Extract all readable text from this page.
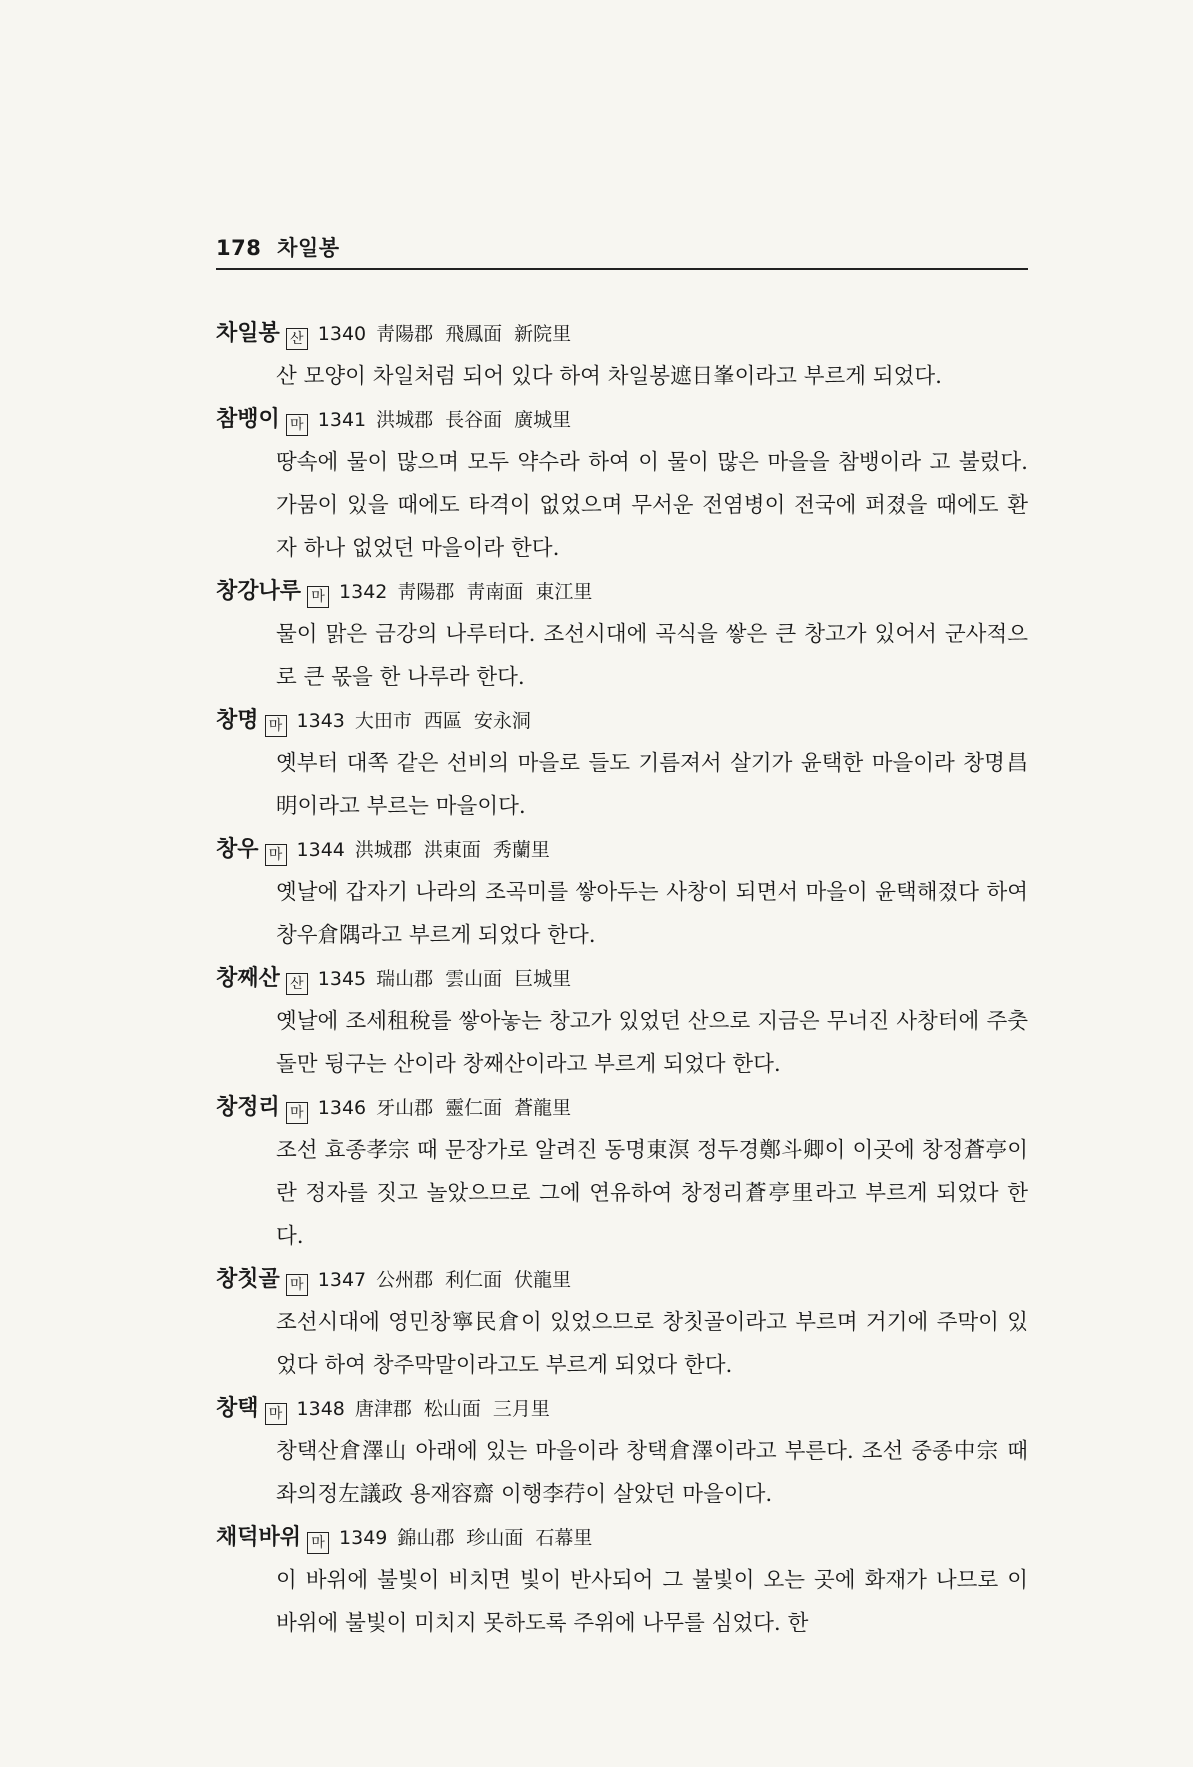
178 차일봉
차일봉 산 1340 靑陽郡 飛鳳面 新院里
산 모양이 차일처럼 되어 있다 하여 차일봉遮日峯이라고 부르게 되었다.
참뱅이 마 1341 洪城郡 長谷面 廣城里
땅속에 물이 많으며 모두 약수라 하여 이 물이 많은 마을을 참뱅이라 고 불렀다. 가뭄이 있을 때에도 타격이 없었으며 무서운 전염병이 전국에 퍼졌을 때에도 환자 하나 없었던 마을이라 한다.
창강나루 마 1342 靑陽郡 靑南面 東江里
물이 맑은 금강의 나루터다. 조선시대에 곡식을 쌓은 큰 창고가 있어서 군사적으로 큰 몫을 한 나루라 한다.
창명 마 1343 大田市 西區 安永洞
옛부터 대쪽 같은 선비의 마을로 들도 기름져서 살기가 윤택한 마을이라 창명昌明이라고 부르는 마을이다.
창우 마 1344 洪城郡 洪東面 秀蘭里
옛날에 갑자기 나라의 조곡미를 쌓아두는 사창이 되면서 마을이 윤택해졌다 하여 창우倉隅라고 부르게 되었다 한다.
창째산 산 1345 瑞山郡 雲山面 巨城里
옛날에 조세租稅를 쌓아놓는 창고가 있었던 산으로 지금은 무너진 사창터에 주춧돌만 뒹구는 산이라 창째산이라고 부르게 되었다 한다.
창정리 마 1346 牙山郡 靈仁面 蒼龍里
조선 효종孝宗 때 문장가로 알려진 동명東溟 정두경鄭斗卿이 이곳에 창정蒼亭이란 정자를 짓고 놀았으므로 그에 연유하여 창정리蒼亭里라고 부르게 되었다 한다.
창칫골 마 1347 公州郡 利仁面 伏龍里
조선시대에 영민창寧民倉이 있었으므로 창칫골이라고 부르며 거기에 주막이 있었다 하여 창주막말이라고도 부르게 되었다 한다.
창택 마 1348 唐津郡 松山面 三月里
창택산倉澤山 아래에 있는 마을이라 창택倉澤이라고 부른다. 조선 중종中宗 때 좌의정左議政 용재容齋 이행李荇이 살았던 마을이다.
채덕바위 마 1349 錦山郡 珍山面 石幕里
이 바위에 불빛이 비치면 빛이 반사되어 그 불빛이 오는 곳에 화재가 나므로 이 바위에 불빛이 미치지 못하도록 주위에 나무를 심었다. 한
